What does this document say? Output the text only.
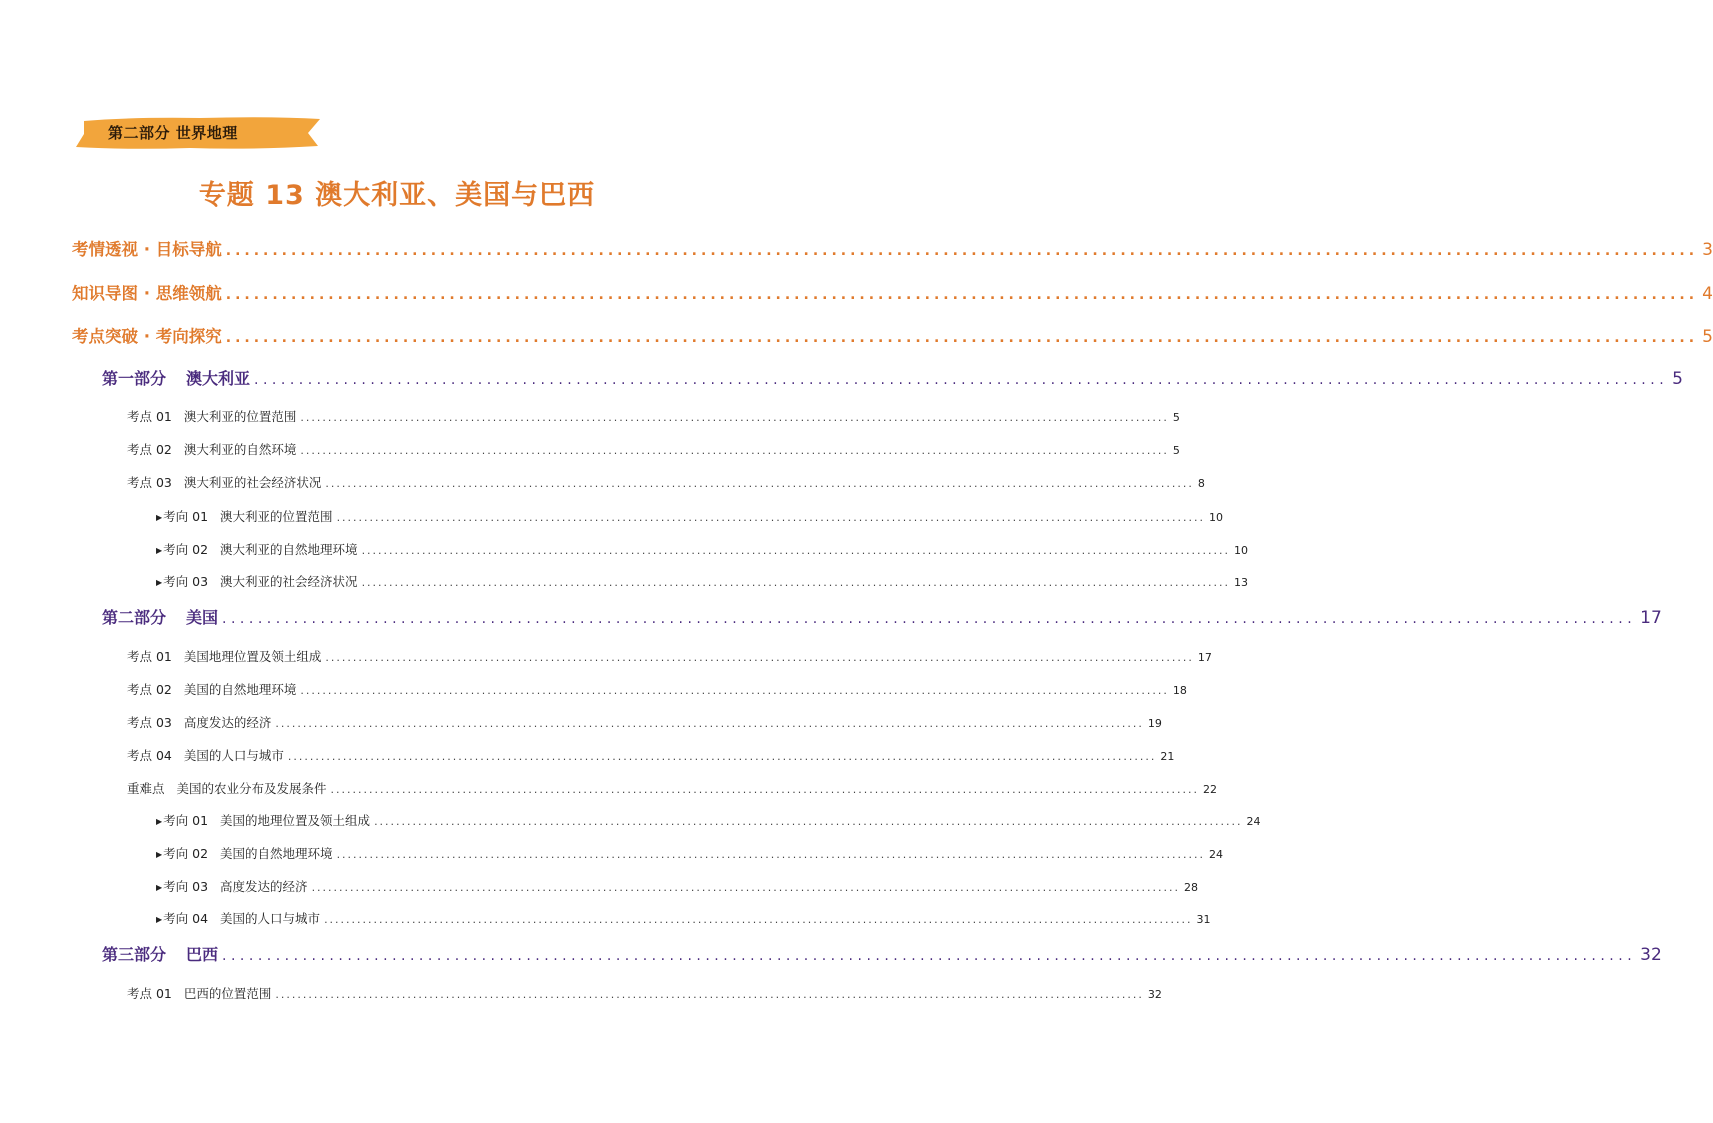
第二部分 世界地理
专题 13 澳大利亚、美国与巴西
考情透视 · 目标导航 .............................................................................................................................................................. 3
知识导图 · 思维领航 .............................................................................................................................................................. 4
考点突破 · 考向探究 .............................................................................................................................................................. 5
第一部分 澳大利亚 .............................................................................................................................................................. 5
考点 01 澳大利亚的位置范围 .............................................................................................................................................................. 5
考点 02 澳大利亚的自然环境 .............................................................................................................................................................. 5
考点 03 澳大利亚的社会经济状况 .............................................................................................................................................................. 8
▶考向 01 澳大利亚的位置范围 .............................................................................................................................................................. 10
▶考向 02 澳大利亚的自然地理环境 .............................................................................................................................................................. 10
▶考向 03 澳大利亚的社会经济状况 .............................................................................................................................................................. 13
第二部分 美国 .............................................................................................................................................................. 17
考点 01 美国地理位置及领土组成 .............................................................................................................................................................. 17
考点 02 美国的自然地理环境 .............................................................................................................................................................. 18
考点 03 高度发达的经济 .............................................................................................................................................................. 19
考点 04 美国的人口与城市 .............................................................................................................................................................. 21
重难点 美国的农业分布及发展条件 .............................................................................................................................................................. 22
▶考向 01 美国的地理位置及领土组成 .............................................................................................................................................................. 24
▶考向 02 美国的自然地理环境 .............................................................................................................................................................. 24
▶考向 03 高度发达的经济 .............................................................................................................................................................. 28
▶考向 04 美国的人口与城市 .............................................................................................................................................................. 31
第三部分 巴西 .............................................................................................................................................................. 32
考点 01 巴西的位置范围 .............................................................................................................................................................. 32
